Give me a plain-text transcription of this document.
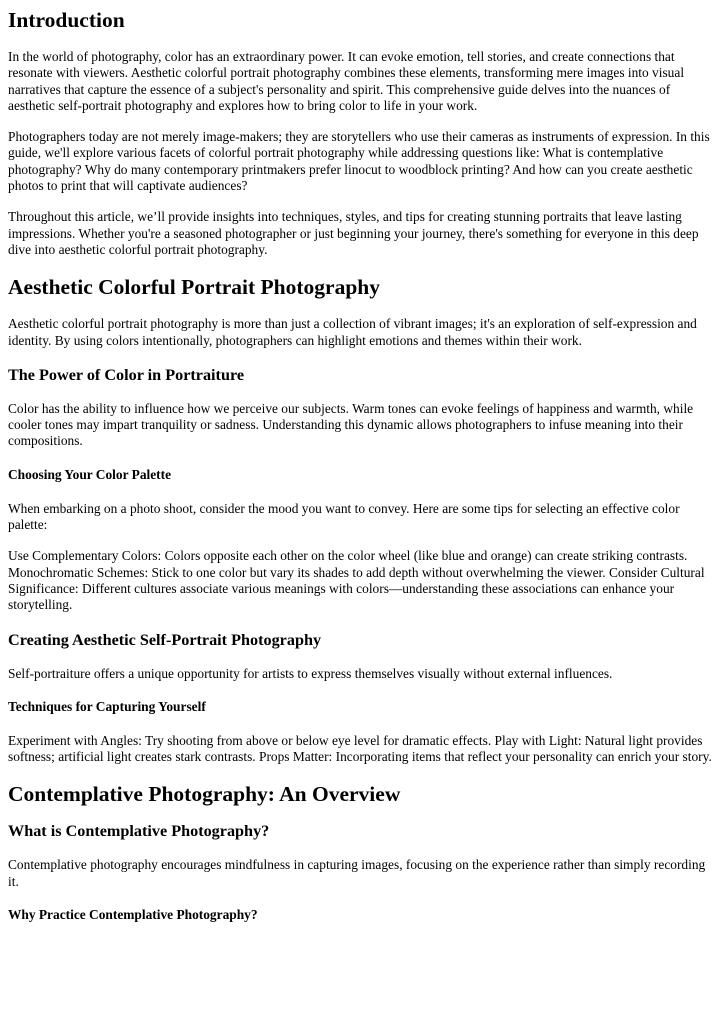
Introduction

In the world of photography, color has an extraordinary power. It can evoke emotion, tell stories, and create connections that resonate with viewers. Aesthetic colorful portrait photography combines these elements, transforming mere images into visual narratives that capture the essence of a subject's personality and spirit. This comprehensive guide delves into the nuances of aesthetic self-portrait photography and explores how to bring color to life in your work.

Photographers today are not merely image-makers; they are storytellers who use their cameras as instruments of expression. In this guide, we'll explore various facets of colorful portrait photography while addressing questions like: What is contemplative photography? Why do many contemporary printmakers prefer linocut to woodblock printing? And how can you create aesthetic photos to print that will captivate audiences?

Throughout this article, we’ll provide insights into techniques, styles, and tips for creating stunning portraits that leave lasting impressions. Whether you're a seasoned photographer or just beginning your journey, there's something for everyone in this deep dive into aesthetic colorful portrait photography.

Aesthetic Colorful Portrait Photography

Aesthetic colorful portrait photography is more than just a collection of vibrant images; it's an exploration of self-expression and identity. By using colors intentionally, photographers can highlight emotions and themes within their work.

The Power of Color in Portraiture

Color has the ability to influence how we perceive our subjects. Warm tones can evoke feelings of happiness and warmth, while cooler tones may impart tranquility or sadness. Understanding this dynamic allows photographers to infuse meaning into their compositions.

Choosing Your Color Palette

When embarking on a photo shoot, consider the mood you want to convey. Here are some tips for selecting an effective color palette:

Use Complementary Colors: Colors opposite each other on the color wheel (like blue and orange) can create striking contrasts. Monochromatic Schemes: Stick to one color but vary its shades to add depth without overwhelming the viewer. Consider Cultural Significance: Different cultures associate various meanings with colors—understanding these associations can enhance your storytelling.

Creating Aesthetic Self-Portrait Photography

Self-portraiture offers a unique opportunity for artists to express themselves visually without external influences.

Techniques for Capturing Yourself

Experiment with Angles: Try shooting from above or below eye level for dramatic effects. Play with Light: Natural light provides softness; artificial light creates stark contrasts. Props Matter: Incorporating items that reflect your personality can enrich your story.

Contemplative Photography: An Overview
What is Contemplative Photography?

Contemplative photography encourages mindfulness in capturing images, focusing on the experience rather than simply recording it.

Why Practice Contemplative Photography?
